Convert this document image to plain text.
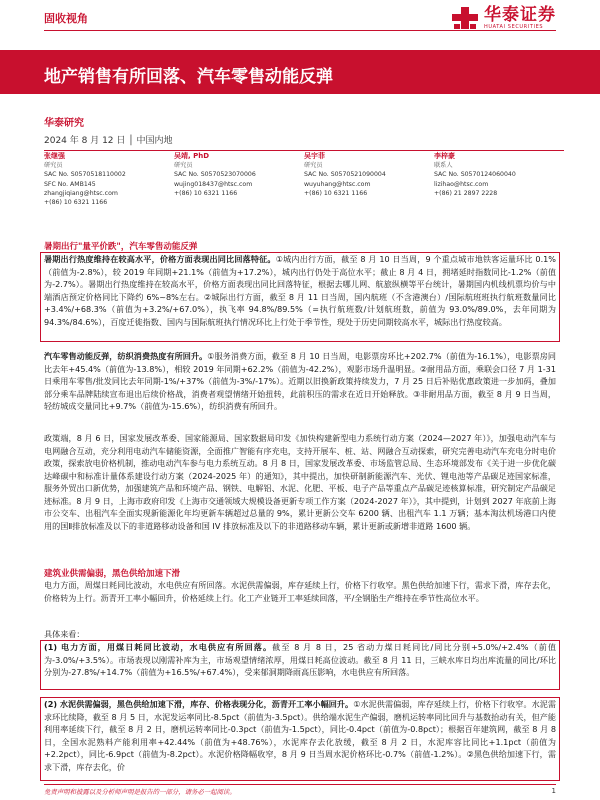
固收视角	华泰证券
HUATAI SECURITIES
地产销售有所回落、汽车零售动能反弹
华泰研究
2024 年 8 月 12 日 │ 中国内地
张继强
研究员
SAC No. S0570518110002
SFC No. AMB145
zhangjiqiang@htsc.com
+(86) 10 6321 1166
吴靖, PhD
研究员
SAC No. S0570523070006
wujing018437@htsc.com
+(86) 10 6321 1166
吴宇菲
研究员
SAC No. S0570521090004
wuyuhang@htsc.com
+(86) 10 6321 1166
李梓豪
联系人
SAC No. S0570124060040
lizihao@htsc.com
+(86) 21 2897 2228
暑期出行"量平价跌"，汽车零售动能反弹
暑期出行热度维持在较高水平，价格方面表现出同比回落特征。①城内出行方面，截至 8 月 10 日当周，9 个重点城市地铁客运量环比 0.1%（前值为-2.8%），较 2019 年同期+21.1%（前值为+17.2%），城内出行仍处于高位水平；截止 8 月 4 日，拥堵延时指数同比-1.2%（前值为-2.7%）。暑期出行热度维持在较高水平，价格方面表现出同比回落特征，根据去哪儿网、航旅纵横等平台统计，暑期国内机线机票均价与中端酒店预定价格同比下降约 6%~8%左右。②城际出行方面，截至 8 月 11 日当周，国内航班（不含港澳台）/国际航班班执行航班数量同比+3.4%/+68.3%（前值为+3.2%/+67.0%），执飞率 94.8%/89.5%（=执行航班数/计划航班数，前值为 93.0%/89.0%，去年同期为 94.3%/84.6%），百度迁徙指数、国内与国际航班执行情况环比上行处于季节性，现处于历史同期较高水平，城际出行热度较高。
汽车零售动能反弹，纺织消费热度有所回升。①服务消费方面，截至 8 月 10 日当周，电影票房环比+202.7%（前值为-16.1%），电影票房同比去年+45.4%（前值为-13.8%），相较 2019 年同期+62.2%（前值为-42.2%），观影市场升温明显。②耐用品方面，乘联会口径 7 月 1-31 日乘用车零售/批发同比去年同期-1%/+37%（前值为-3%/-17%）。近期以旧换新政策持续发力，7 月 25 日后补贴优惠政策进一步加码，叠加部分乘车品牌陆续宣布退出后续价格战，消费者观望情绪开始扭转，此前积压的需求在近日开始释放。③非耐用品方面，截至 8 月 9 日当周，轻纺城成交量同比+9.7%（前值为-15.6%），纺织消费有所回升。
政策端，8 月 6 日，国家发展改革委、国家能源局、国家数据局印发《加快构建新型电力系统行动方案（2024—2027 年）》，加强电动汽车与电网融合互动，充分利用电动汽车储能资源，全面推广智能有序充电，支持开展车、桩、站、网融合互动探索，研究完善电动汽车充电分时电价政策，探索放电价格机制，推动电动汽车参与电力系统互动。8 月 8 日，国家发展改革委、市场监管总局、生态环境部发布《关于进一步优化碳达峰碳中和标准计量体系建设行动方案（2024-2025 年）的通知》，其中提出，加快研制新能源汽车、光伏、锂电池等产品碳足迹国家标准，服务外贸出口新优势，加强建筑产品和环境产品、钢铁、电解铝、水泥、化肥、平板、电子产品等重点产品碳足迹核算标准，研究制定产品碳足迹标准。8 月 9 日，上海市政府印发《上海市交通领域大规模设备更新专项工作方案（2024-2027 年）》，其中提到，计划到 2027 年底前上海市公交车、出租汽车全面实现新能源化年均更新车辆超过总量的 9%，累计更新公交车 6200 辆、出租汽车 1.1 万辆；基本淘汰机场港口内使用的国Ⅱ排放标准及以下的非道路移动设备和国 IV 排放标准及以下的非道路移动车辆，累计更新或新增非道路 1600 辆。
建筑业供需偏弱，黑色供给加速下滑
电力方面，周煤日耗同比波动，水电供应有所回落。水泥供需偏弱，库存延续上行，价格下行收窄。黑色供给加速下行，需求下滑，库存去化，价格转为上行。沥青开工率小幅回升，价格延续上行。化工产业链开工率延续回落，平/全钢胎生产维持在季节性高位水平。
具体来看：
(1) 电力方面，用煤日耗同比波动，水电供应有所回落。截至 8 月 8 日，25 省动力煤日耗同比/同比分别+5.0%/+2.4%（前值为-3.0%/+3.5%）。市场表现以刚需补库为主，市场观望情绪浓厚，用煤日耗高位波动。截至 8 月 11 日，三峡水库日均出库流量的同比/环比分别为-27.8%/+14.7%（前值为+16.5%/+67.4%），受来郁洞期降雨高压影响，水电供应有所回落。
(2) 水泥供需偏弱，黑色供给加速下滑，库存、价格表现分化，沥青开工率小幅回升。①水泥供需偏弱，库存延续上行，价格下行收窄。水泥需求环比续降，截至 8 月 5 日，水泥发运率同比-8.5pct（前值为-3.5pct）。供给端水泥生产偏弱，磨机运转率同比回升与基数抬动有关，但产能利用率延续下行，截至 8 月 2 日，磨机运转率同比-0.3pct（前值为-1.5pct），同比-0.4pct（前值为-0.8pct）；根据百年建筑网，截至 8 月 8 日，全国水泥熟料产能利用率+42.44%（前值为+48.76%），水泥库存去化放缓，截至 8 月 2 日，水泥库容比同比+1.1pct（前值为+2.2pct），同比-6.9pct（前值为-8.2pct）。水泥价格降幅收窄，8 月 9 日当周水泥价格环比-0.7%（前值-1.2%）。②黑色供给加速下行，需求下滑，库存去化，价
免责声明和披露以及分析师声明是报告的一部分，请务必一起阅读。	1
